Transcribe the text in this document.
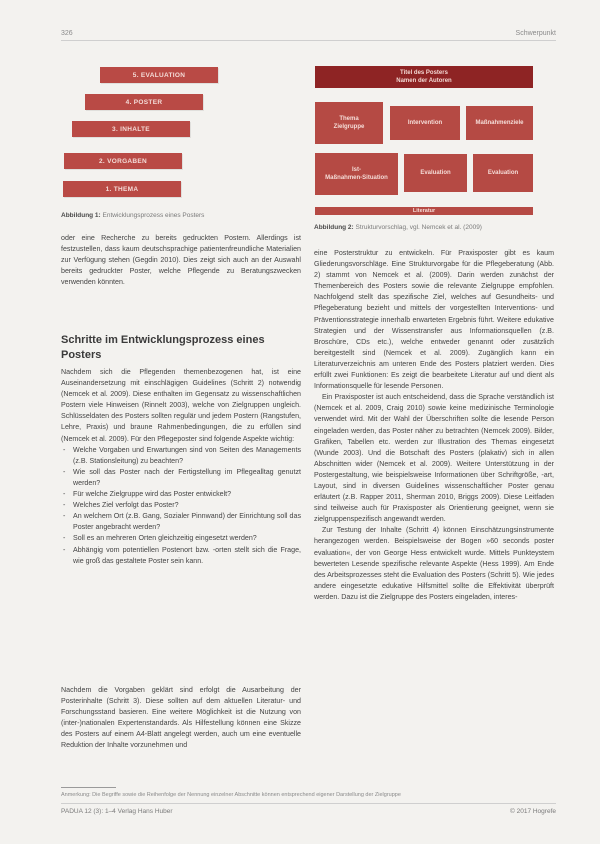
326	Schwerpunkt
5. EVALUATION
4. POSTER
3. INHALTE
2. VORGABEN
1. THEMA
Abbildung 1: Entwicklungsprozess eines Posters
Titel des Posters
Namen der Autoren
Thema
Zielgruppe
Intervention	Maßnahmenziele
Ist-
Maßnahmen-Situation
Evaluation	Evaluation
Literatur
Abbildung 2: Strukturvorschlag, vgl. Nemcek et al. (2009)

oder eine Recherche zu bereits gedruckten Postern. Allerdings ist festzustellen, dass kaum deutschsprachige patientenfreundliche Materialien zur Verfügung stehen (Gegdin 2010). Dies zeigt sich auch an der Auswahl bereits gedruckter Poster, welche Pflegende zu Beratungszwecken verwenden könnten.

Schritte im Entwicklungsprozess eines Posters

Nachdem sich die Pflegenden themenbezogenen hat, ist eine Auseinandersetzung mit einschlägigen Guidelines (Schritt 2) notwendig (Nemcek et al. 2009). Diese enthalten im Gegensatz zu wissenschaftlichen Postern viele Hinweisen (Rinnelt 2003), welche von Zielgruppen ungleich. Schlüsseldaten des Posters sollten regulär und jedem Postern (Rangstufen, Lehre, Praxis) und braune Rahmenbedingungen, die zu erfüllen sind (Nemcek et al. 2009). Für den Pflegeposter sind folgende Aspekte wichtig:

- Welche Vorgaben und Erwartungen sind von Seiten des Managements (z.B. Stationsleitung) zu beachten?
- Wie soll das Poster nach der Fertigstellung im Pflegealltag genutzt werden?
- Für welche Zielgruppe wird das Poster entwickelt?
- Welches Ziel verfolgt das Poster?
- An welchem Ort (z.B. Gang, Sozialer Pinnwand) der Einrichtung soll das Poster angebracht werden?
- Soll es an mehreren Orten gleichzeitig eingesetzt werden?
- Abhängig vom potentiellen Postenort bzw. -orten stellt sich die Frage, wie groß das gestaltete Poster sein kann.

Nachdem die Vorgaben geklärt sind erfolgt die Ausarbeitung der Posterinhalte (Schritt 3). Diese sollten auf dem aktuellen Literatur- und Forschungsstand basieren. Eine weitere Möglichkeit ist die Nutzung von (inter-)nationalen Expertenstandards. Als Hilfestellung können eine Skizze des Posters auf einem A4-Blatt angelegt werden, auch um eine eventuelle Reduktion der Inhalte vorzunehmen und

eine Posterstruktur zu entwickeln. Für Praxisposter gibt es kaum Gliederungsvorschläge. Eine Strukturvorgabe für die Pflegeberatung (Abb. 2) stammt von Nemcek et al. (2009). Darin werden zunächst der Themenbereich des Posters sowie die relevante Zielgruppe empfohlen. Nachfolgend stellt das spezifische Ziel, welches auf Gesundheits- und Pflegeberatung bezieht und mittels der vorgestellten Interventions- und Präventionsstrategie innerhalb erwarteten Ergebnis führt. Weitere edukative Strategien und der Wissenstransfer aus Informationsquellen (z.B. Broschüre, CDs etc.), welche entweder genannt oder zusätzlich bereitgestellt sind (Nemcek et al. 2009). Zugänglich kann ein Literaturverzeichnis am unteren Ende des Posters platziert werden. Dies erfüllt zwei Funktionen: Es zeigt die bearbeitete Literatur auf und dient als Informationsquelle für lesende Personen.

Ein Praxisposter ist auch entscheidend, dass die Sprache verständlich ist (Nemcek et al. 2009, Craig 2010) sowie keine medizinische Terminologie verwendet wird. Mit der Wahl der Überschriften sollte die lesende Person eingeladen werden, das Poster näher zu betrachten (Nemcek 2009). Bilder, Grafiken, Tabellen etc. werden zur Illustration des Themas eingesetzt (Wunde 2003). Und die Botschaft des Posters (plakativ) sich in allen Abschnitten wider (Nemcek et al. 2009). Weitere Unterstützung in der Postergestaltung, wie beispielsweise Informationen über Schriftgröße, -art, Layout, sind in diversen Guidelines wissenschaftlicher Poster genau erläutert (z.B. Rapper 2011, Sherman 2010, Briggs 2009). Diese Leitfaden sind teilweise auch für Praxisposter als Orientierung geeignet, wenn sie zielgruppenspezifisch angewandt werden.

Zur Testung der Inhalte (Schritt 4) können Einschätzungsinstrumente herangezogen werden. Beispielsweise der Bogen »60 seconds poster evaluation«, der von George Hess entwickelt wurde. Mittels Punkteystem bewerteten Lesende spezifische relevante Aspekte (Hess 1999). Am Ende des Arbeitsprozesses steht die Evaluation des Posters (Schritt 5). Wie jedes andere eingesetzte edukative Hilfsmittel sollte die Effektivität überprüft werden. Dazu ist die Zielgruppe des Posters eingeladen, interes-

Anmerkung: Die Begriffe sowie die Reihenfolge der Nennung einzelner Abschnitte können entsprechend eigener Darstellung der Zielgruppe
PADUA 12 (3): 1–4 Verlag Hans Huber	© 2017 Hogrefe
